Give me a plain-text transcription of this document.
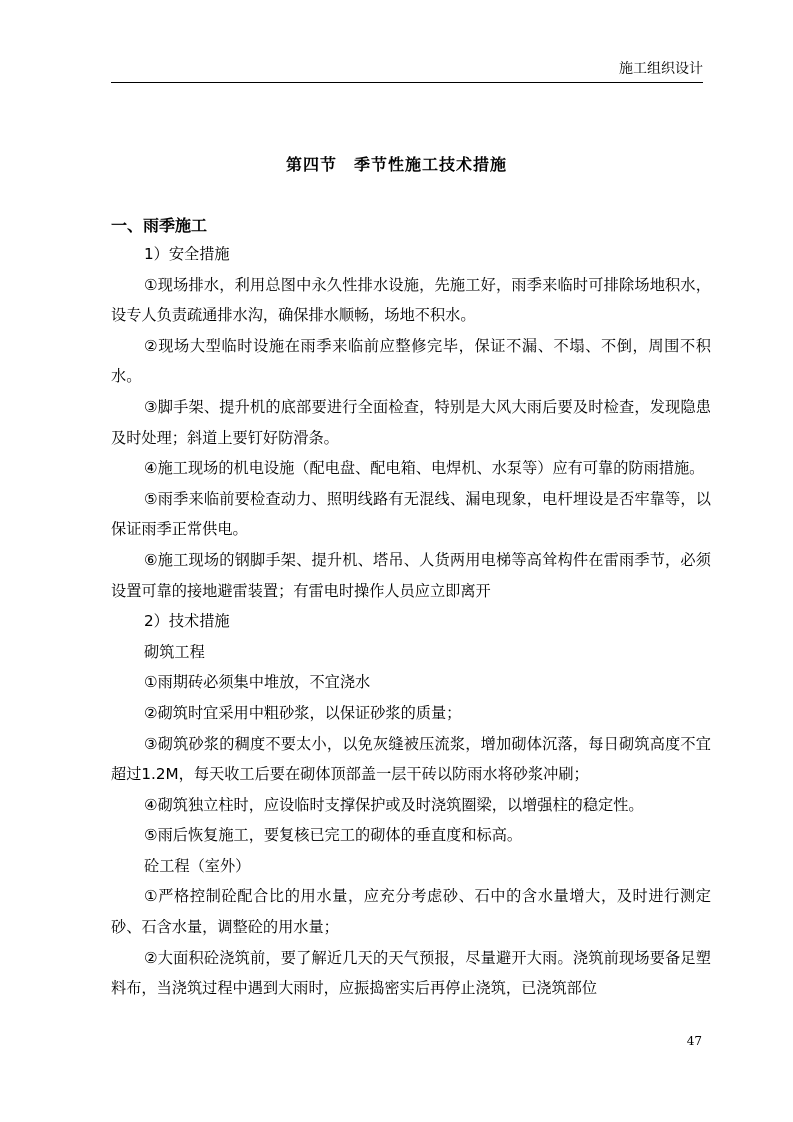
施工组织设计
第四节　季节性施工技术措施

一、雨季施工

1）安全措施

①现场排水，利用总图中永久性排水设施，先施工好，雨季来临时可排除场地积水，设专人负责疏通排水沟，确保排水顺畅，场地不积水。

②现场大型临时设施在雨季来临前应整修完毕，保证不漏、不塌、不倒，周围不积水。

③脚手架、提升机的底部要进行全面检查，特别是大风大雨后要及时检查，发现隐患及时处理；斜道上要钉好防滑条。

④施工现场的机电设施（配电盘、配电箱、电焊机、水泵等）应有可靠的防雨措施。

⑤雨季来临前要检查动力、照明线路有无混线、漏电现象，电杆埋设是否牢靠等，以保证雨季正常供电。

⑥施工现场的钢脚手架、提升机、塔吊、人货两用电梯等高耸构件在雷雨季节，必须设置可靠的接地避雷装置；有雷电时操作人员应立即离开

2）技术措施

砌筑工程

①雨期砖必须集中堆放，不宜浇水

②砌筑时宜采用中粗砂浆，以保证砂浆的质量；

③砌筑砂浆的稠度不要太小，以免灰缝被压流浆，增加砌体沉落，每日砌筑高度不宜超过1.2M，每天收工后要在砌体顶部盖一层干砖以防雨水将砂浆冲刷；

④砌筑独立柱时，应设临时支撑保护或及时浇筑圈梁，以增强柱的稳定性。

⑤雨后恢复施工，要复核已完工的砌体的垂直度和标高。

砼工程（室外）

①严格控制砼配合比的用水量，应充分考虑砂、石中的含水量增大，及时进行测定砂、石含水量，调整砼的用水量；

②大面积砼浇筑前，要了解近几天的天气预报，尽量避开大雨。浇筑前现场要备足塑料布，当浇筑过程中遇到大雨时，应振捣密实后再停止浇筑，已浇筑部位

47
